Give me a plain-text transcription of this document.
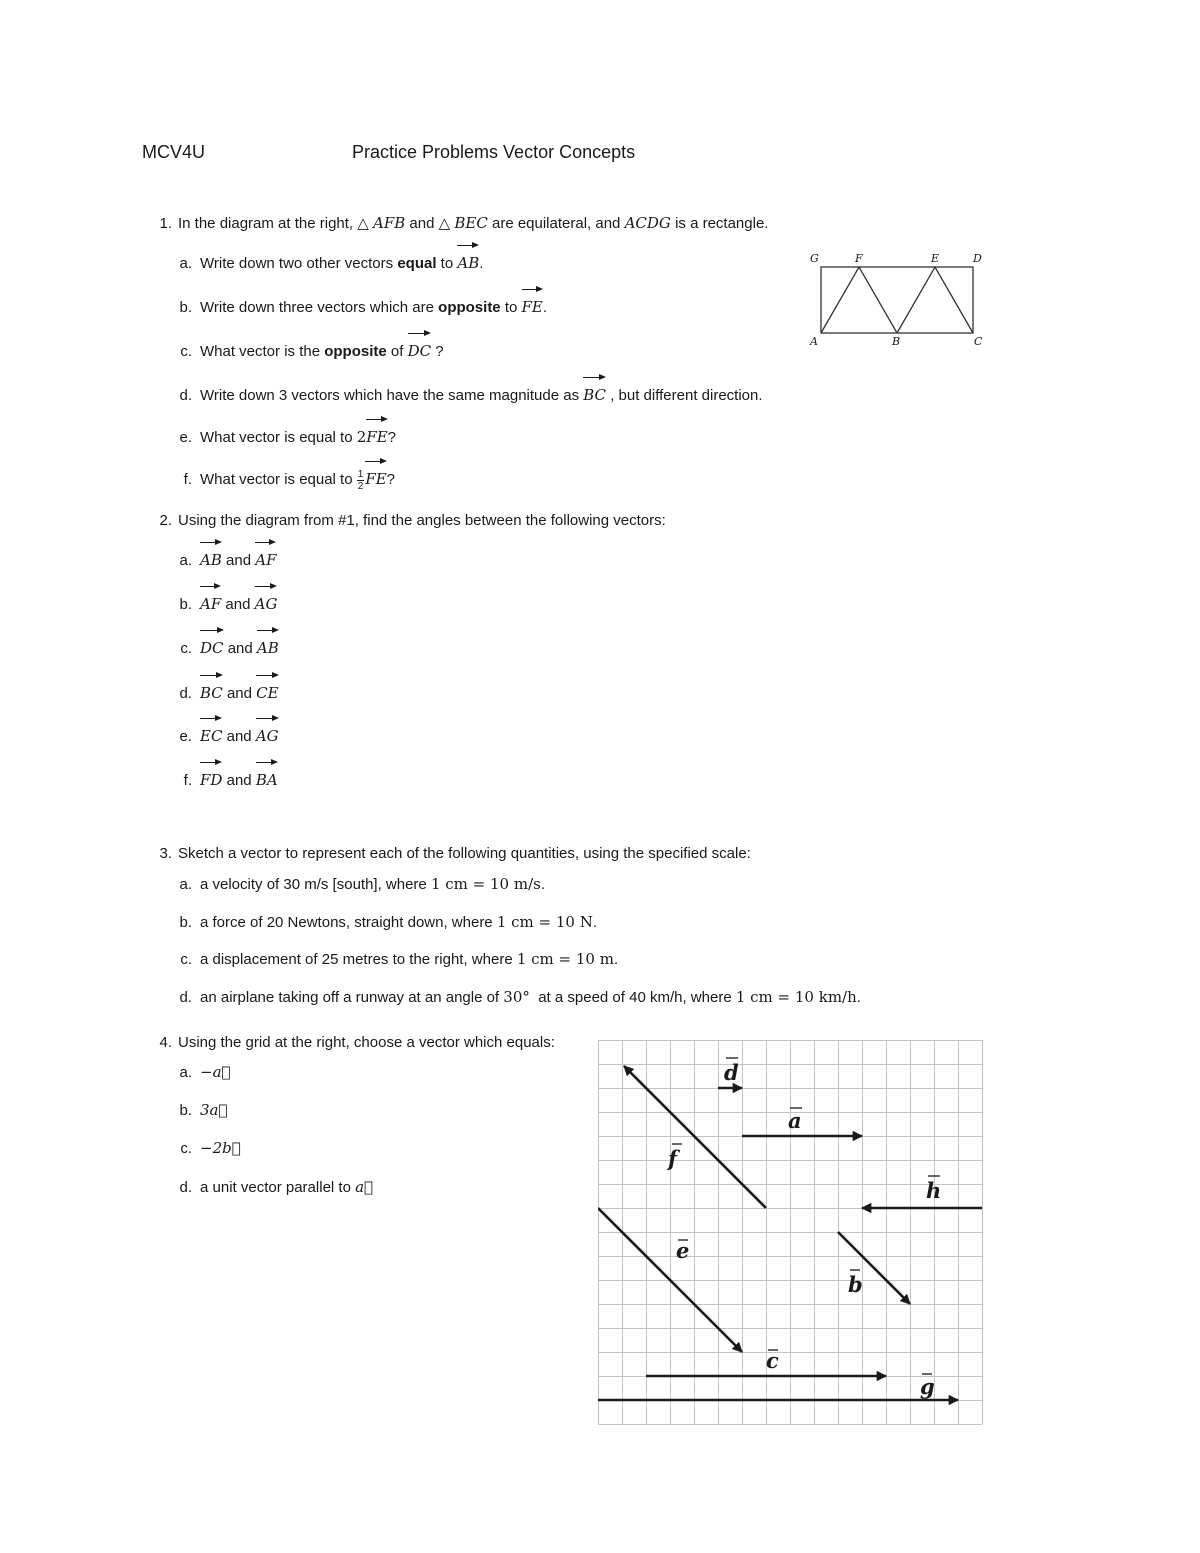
MCV4U	Practice Problems Vector Concepts
1. In the diagram at the right, △ AFB and △ BEC are equilateral, and ACDG is a rectangle.
a. Write down two other vectors equal to AB.
b. Write down three vectors which are opposite to FE.
c. What vector is the opposite of DC ?
d. Write down 3 vectors which have the same magnitude as BC , but different direction.
e. What vector is equal to 2FE?
f. What vector is equal to $\frac{1}{2}$ FE?
G	F	E	D
A	B	C
2. Using the diagram from #1, find the angles between the following vectors:
a. AB and AF
b. AF and AG
c. DC and AB
d. BC and CE
e. EC and AG
f. FD and BA
3. Sketch a vector to represent each of the following quantities, using the specified scale:
a. a velocity of 30 m/s [south], where 1 cm = 10 m/s.
b. a force of 20 Newtons, straight down, where 1 cm = 10 N.
c. a displacement of 25 metres to the right, where 1 cm = 10 m.
d. an airplane taking off a runway at an angle of 30°  at a speed of 40 km/h, where 1 cm = 10 km/h.
4. Using the grid at the right, choose a vector which equals:
a. −a⃗
b. 3a⃗
c. −2b⃗
d. a unit vector parallel to a⃗
d
a
f
h
e
b
c
g
